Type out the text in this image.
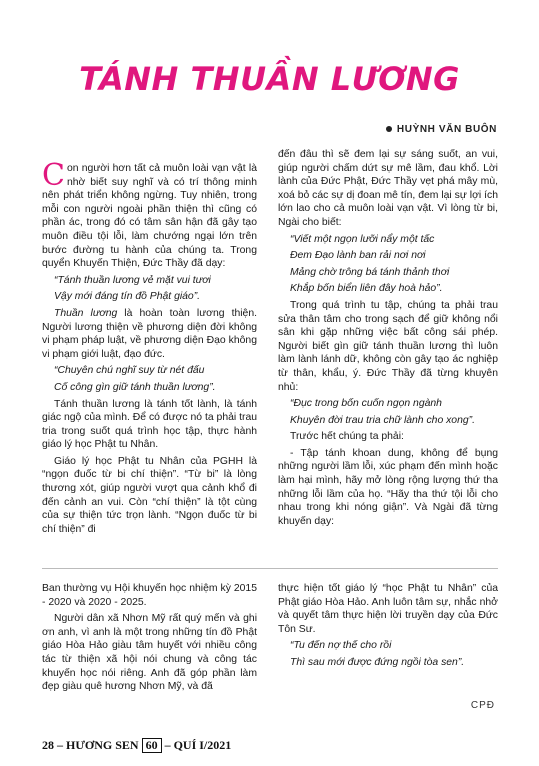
TÁNH THUẦN LƯƠNG
HUỲNH VĂN BUÔN

Con người hơn tất cả muôn loài vạn vật là nhờ biết suy nghĩ và có trí thông minh nên phát triển không ngừng. Tuy nhiên, trong mỗi con người ngoài phần thiện thì cũng có phần ác, trong đó có tâm sân hận đã gây tạo muôn điều tội lỗi, làm chướng ngại lớn trên bước đường tu hành của chúng ta. Trong quyển Khuyến Thiện, Đức Thầy đã dạy:

“Tánh thuần lương vẻ mặt vui tươi

Vậy mới đáng tín đồ Phật giáo”.

Thuần lương là hoàn toàn lương thiện. Người lương thiện về phương diện đời không vi phạm pháp luật, về phương diện Đạo không vi phạm giới luật, đạo đức.

“Chuyên chú nghĩ suy từ nét đấu

Cố công gìn giữ tánh thuần lương”.

Tánh thuần lương là tánh tốt lành, là tánh giác ngộ của mình. Để có được nó ta phải trau tria trong suốt quá trình học tập, thực hành giáo lý học Phật tu Nhân.

Giáo lý học Phật tu Nhân của PGHH là “ngọn đuốc từ bi chí thiện”. “Từ bi” là lòng thương xót, giúp người vượt qua cảnh khổ đi đến cảnh an vui. Còn “chí thiện” là tột cùng của sự thiện tức trọn lành. “Ngọn đuốc từ bi chí thiện” đi

đến đâu thì sẽ đem lại sự sáng suốt, an vui, giúp người chấm dứt sự mê lầm, đau khổ. Lời lành của Đức Phật, Đức Thầy vẹt phá mây mù, xoá bỏ các sự dị đoan mê tín, đem lại sự lợi ích lớn lao cho cả muôn loài vạn vật. Vì lòng từ bi, Ngài cho biết:

“Viết một ngọn lưỡi nẩy một tấc

Đem Đạo lành ban rải nơi nơi

Mảng chờ trông bá tánh thảnh thơi

Khắp bốn biển liên đây hoà hảo”.

Trong quá trình tu tập, chúng ta phải trau sửa thân tâm cho trong sạch để giữ không nổi sân khi gặp những việc bất công sái phép. Người biết gìn giữ tánh thuần lương thì luôn làm lành lánh dữ, không còn gây tạo ác nghiệp từ thân, khẩu, ý. Đức Thầy đã từng khuyên nhủ:

“Đục trong bốn cuốn ngọn ngành

Khuyên đời trau tria chữ lành cho xong”.

Trước hết chúng ta phải:

- Tập tánh khoan dung, không để bụng những người lầm lỗi, xúc phạm đến mình hoặc làm hại mình, hãy mở lòng rộng lượng thứ tha những lỗi lầm của họ. “Hãy tha thứ tội lỗi cho nhau trong khi nóng giận”. Và Ngài đã từng khuyến dạy:

Ban thường vụ Hội khuyến học nhiệm kỳ 2015 - 2020 và 2020 - 2025.

Người dân xã Nhơn Mỹ rất quý mến và ghi ơn anh, vì anh là một trong những tín đồ Phật giáo Hòa Hảo giàu tâm huyết với nhiều công tác từ thiện xã hội nói chung và công tác khuyến học nói riêng. Anh đã góp phần làm đẹp giàu quê hương Nhơn Mỹ, và đã

thực hiện tốt giáo lý “học Phật tu Nhân” của Phật giáo Hòa Hảo. Anh luôn tâm sự, nhắc nhở và quyết tâm thực hiện lời truyền dạy của Đức Tôn Sư.

“Tu đến nợ thế cho rồi

Thì sau mới được đứng ngồi tòa sen”.

CPĐ
28 – HƯƠNG SEN 60 – QUÍ I/2021
